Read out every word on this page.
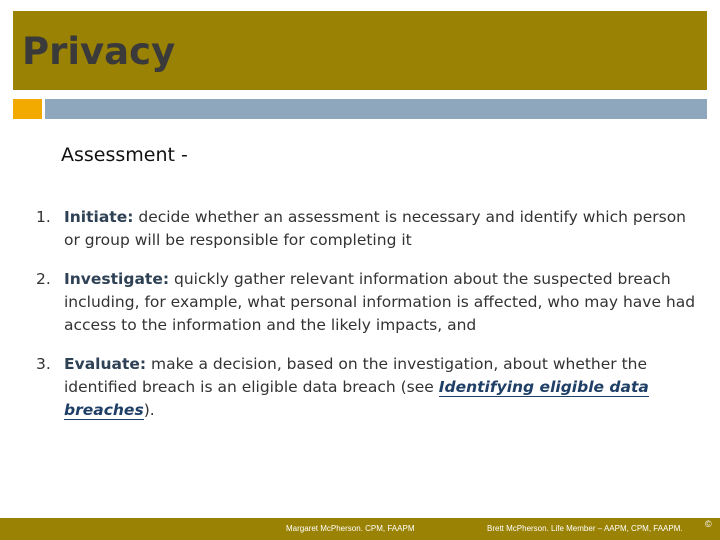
Privacy
Assessment -
1. Initiate: decide whether an assessment is necessary and identify which person or group will be responsible for completing it
2. Investigate: quickly gather relevant information about the suspected breach including, for example, what personal information is affected, who may have had access to the information and the likely impacts, and
3. Evaluate: make a decision, based on the investigation, about whether the identified breach is an eligible data breach (see Identifying eligible data breaches).
Margaret McPherson. CPM, FAAPM	Brett McPherson. Life Member – AAPM, CPM, FAAPM. ©
